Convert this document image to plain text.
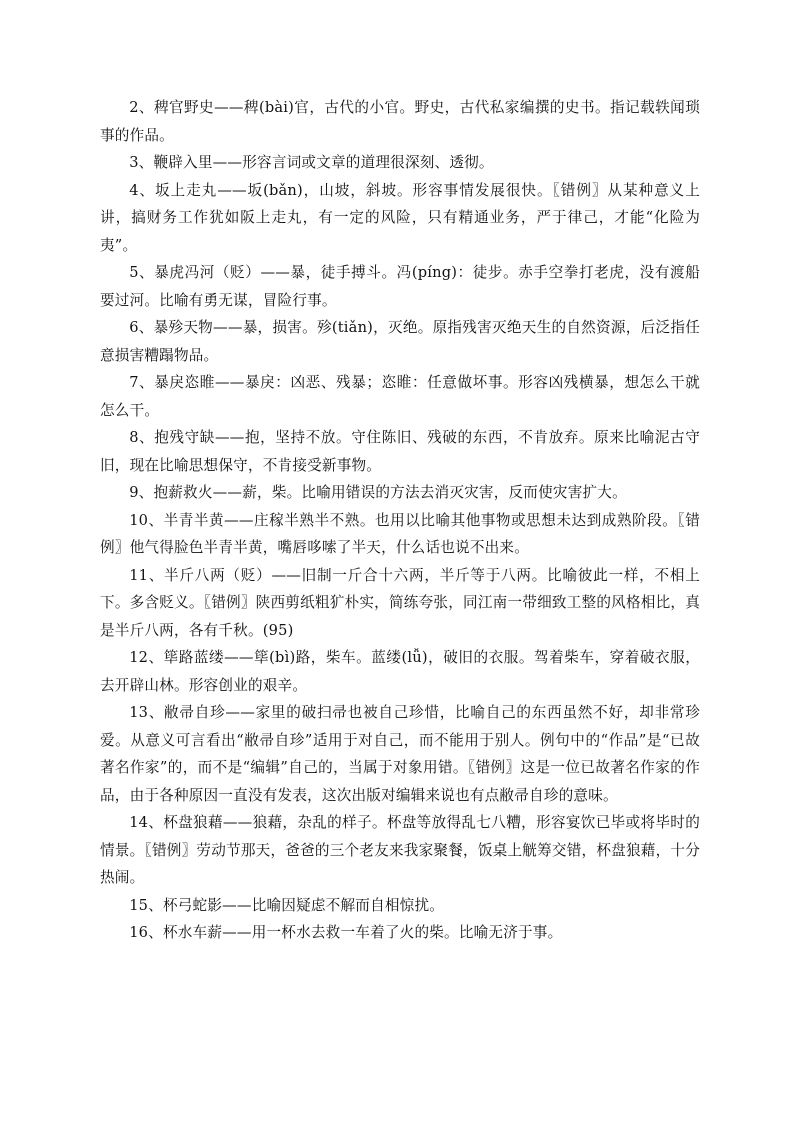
2、稗官野史——稗(bài)官，古代的小官。野史，古代私家编撰的史书。指记载轶闻琐事的作品。

3、鞭辟入里——形容言词或文章的道理很深刻、透彻。

4、坂上走丸——坂(bǎn)，山坡，斜坡。形容事情发展很快。〖错例〗从某种意义上讲，搞财务工作犹如阪上走丸，有一定的风险，只有精通业务，严于律己，才能“化险为夷”。

5、暴虎冯河（贬）——暴，徒手搏斗。冯(píng)：徒步。赤手空拳打老虎，没有渡船要过河。比喻有勇无谋，冒险行事。

6、暴殄天物——暴，损害。殄(tiǎn)，灭绝。原指残害灭绝天生的自然资源，后泛指任意损害糟蹋物品。

7、暴戾恣睢——暴戾：凶恶、残暴；恣睢：任意做坏事。形容凶残横暴，想怎么干就怎么干。

8、抱残守缺——抱，坚持不放。守住陈旧、残破的东西，不肯放弃。原来比喻泥古守旧，现在比喻思想保守，不肯接受新事物。

9、抱薪救火——薪，柴。比喻用错误的方法去消灭灾害，反而使灾害扩大。

10、半青半黄——庄稼半熟半不熟。也用以比喻其他事物或思想未达到成熟阶段。〖错例〗他气得脸色半青半黄，嘴唇哆嗦了半天，什么话也说不出来。

11、半斤八两（贬）——旧制一斤合十六两，半斤等于八两。比喻彼此一样，不相上下。多含贬义。〖错例〗陕西剪纸粗犷朴实，简练夸张，同江南一带细致工整的风格相比，真是半斤八两，各有千秋。(95)

12、筚路蓝缕——筚(bì)路，柴车。蓝缕(lǚ)，破旧的衣服。驾着柴车，穿着破衣服，去开辟山林。形容创业的艰辛。

13、敝帚自珍——家里的破扫帚也被自己珍惜，比喻自己的东西虽然不好，却非常珍爱。从意义可言看出“敝帚自珍”适用于对自己，而不能用于别人。例句中的“作品”是“已故著名作家”的，而不是“编辑”自己的，当属于对象用错。〖错例〗这是一位已故著名作家的作品，由于各种原因一直没有发表，这次出版对编辑来说也有点敝帚自珍的意味。

14、杯盘狼藉——狼藉，杂乱的样子。杯盘等放得乱七八糟，形容宴饮已毕或将毕时的情景。〖错例〗劳动节那天，爸爸的三个老友来我家聚餐，饭桌上觥筹交错，杯盘狼藉，十分热闹。

15、杯弓蛇影——比喻因疑虑不解而自相惊扰。

16、杯水车薪——用一杯水去救一车着了火的柴。比喻无济于事。
